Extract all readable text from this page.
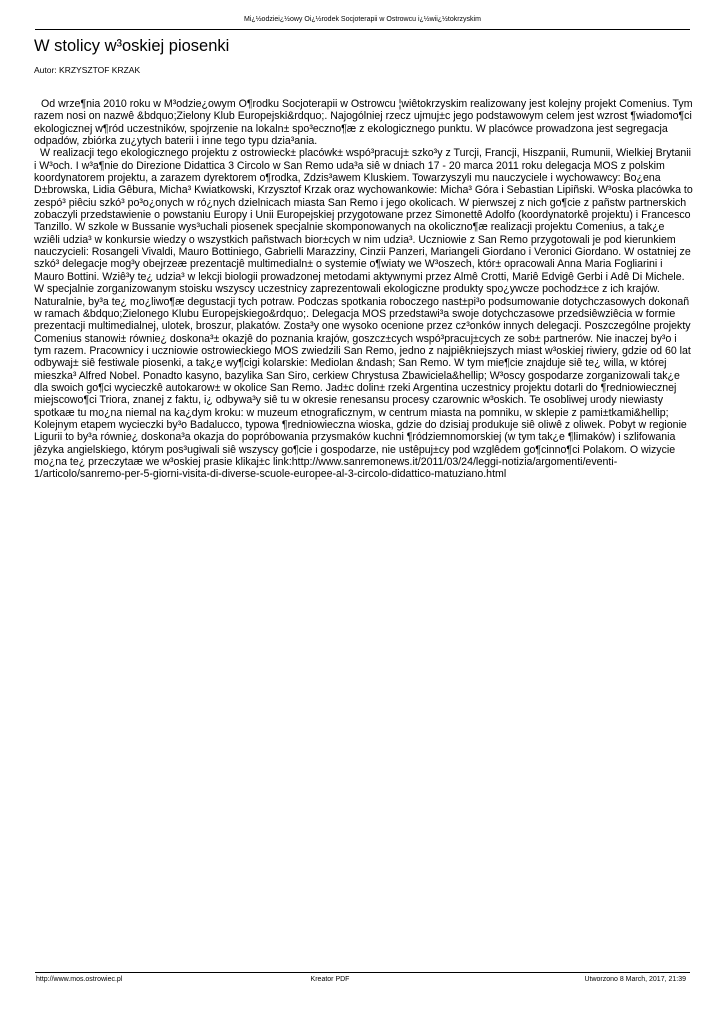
Mi¿½odziei¿½owy Oi¿½rodek Socjoterapii w Ostrowcu i¿½wii¿½tokrzyskim
W stolicy w³oskiej piosenki
Autor: KRZYSZTOF KRZAK

Od wrze¶nia 2010 roku w M³odzie¿owym O¶rodku Socjoterapii w Ostrowcu ¦wiêtokrzyskim realizowany jest kolejny projekt Comenius. Tym razem nosi on nazwê &bdquo;Zielony Klub Europejski&rdquo;. Najogólniej rzecz ujmuj±c jego podstawowym celem jest wzrost ¶wiadomo¶ci ekologicznej w¶ród uczestników, spojrzenie na lokaln± spo³eczno¶æ z ekologicznego punktu. W placówce prowadzona jest segregacja odpadów, zbiórka zu¿ytych baterii i inne tego typu dzia³ania.

W realizacji tego ekologicznego projektu z ostrowieck± placówk± wspó³pracuj± szko³y z Turcji, Francji, Hiszpanii, Rumunii, Wielkiej Brytanii i W³och. I w³a¶nie do Direzione Didattica 3 Circolo w San Remo uda³a siê w dniach 17 - 20 marca 2011 roku delegacja MOS z polskim koordynatorem projektu, a zarazem dyrektorem o¶rodka, Zdzis³awem Kluskiem. Towarzyszyli mu nauczyciele i wychowawcy: Bo¿ena D±browska, Lidia Gêbura, Micha³ Kwiatkowski, Krzysztof Krzak oraz wychowankowie: Micha³ Góra i Sebastian Lipiñski. W³oska placówka to zespó³ piêciu szkó³ po³o¿onych w ró¿nych dzielnicach miasta San Remo i jego okolicach. W pierwszej z nich go¶cie z pañstw partnerskich zobaczyli przedstawienie o powstaniu Europy i Unii Europejskiej przygotowane przez Simonettê Adolfo (koordynatorkê projektu) i Francesco Tanzillo. W szkole w Bussanie wys³uchali piosenek specjalnie skomponowanych na okoliczno¶æ realizacji projektu Comenius, a tak¿e wziêli udzia³ w konkursie wiedzy o wszystkich pañstwach bior±cych w nim udzia³. Uczniowie z San Remo przygotowali je pod kierunkiem nauczycieli: Rosangeli Vivaldi, Mauro Bottiniego, Gabrielli Marazziny, Cinzii Panzeri, Mariangeli Giordano i Veronici Giordano. W ostatniej ze szkó³ delegacje mog³y obejrzeæ prezentacjê multimedialn± o systemie o¶wiaty we W³oszech, któr± opracowali Anna Maria Fogliarini i Mauro Bottini. Wziê³y te¿ udzia³ w lekcji biologii prowadzonej metodami aktywnymi przez Almê Crotti, Mariê Edvigê Gerbi i Adê Di Michele. W specjalnie zorganizowanym stoisku wszyscy uczestnicy zaprezentowali ekologiczne produkty spo¿ywcze pochodz±ce z ich krajów. Naturalnie, by³a te¿ mo¿liwo¶æ degustacji tych potraw. Podczas spotkania roboczego nast±pi³o podsumowanie dotychczasowych dokonañ w ramach &bdquo;Zielonego Klubu Europejskiego&rdquo;. Delegacja MOS przedstawi³a swoje dotychczasowe przedsiêwziêcia w formie prezentacji multimedialnej, ulotek, broszur, plakatów. Zosta³y one wysoko ocenione przez cz³onków innych delegacji. Poszczególne projekty Comenius stanowi± równie¿ doskona³± okazjê do poznania krajów, goszcz±cych wspó³pracuj±cych ze sob± partnerów. Nie inaczej by³o i tym razem. Pracownicy i uczniowie ostrowieckiego MOS zwiedzili San Remo, jedno z najpiêkniejszych miast w³oskiej riwiery, gdzie od 60 lat odbywaj± siê festiwale piosenki, a tak¿e wy¶cigi kolarskie: Mediolan &ndash; San Remo. W tym mie¶cie znajduje siê te¿ willa, w której mieszka³ Alfred Nobel. Ponadto kasyno, bazylika San Siro, cerkiew Chrystusa Zbawiciela&hellip; W³oscy gospodarze zorganizowali tak¿e dla swoich go¶ci wycieczkê autokarow± w okolice San Remo. Jad±c dolin± rzeki Argentina uczestnicy projektu dotarli do ¶redniowiecznej miejscowo¶ci Triora, znanej z faktu, i¿ odbywa³y siê tu w okresie renesansu procesy czarownic w³oskich. Te osobliwej urody niewiasty spotkaæ tu mo¿na niemal na ka¿dym kroku: w muzeum etnograficznym, w centrum miasta na pomniku, w sklepie z pami±tkami&hellip; Kolejnym etapem wycieczki by³o Badalucco, typowa ¶redniowieczna wioska, gdzie do dzisiaj produkuje siê oliwê z oliwek. Pobyt w regionie Ligurii to by³a równie¿ doskona³a okazja do popróbowania przysmaków kuchni ¶ródziemnomorskiej (w tym tak¿e ¶limaków) i szlifowania jêzyka angielskiego, którym pos³ugiwali siê wszyscy go¶cie i gospodarze, nie ustêpuj±cy pod wzglêdem go¶cinno¶ci Polakom. O wizycie mo¿na te¿ przeczytaæ we w³oskiej prasie klikaj±c link:http://www.sanremonews.it/2011/03/24/leggi-notizia/argomenti/eventi-1/articolo/sanremo-per-5-giorni-visita-di-diverse-scuole-europee-al-3-circolo-didattico-matuziano.html

http://www.mos.ostrowiec.pl	Kreator PDF	Utworzono 8 March, 2017, 21:39
